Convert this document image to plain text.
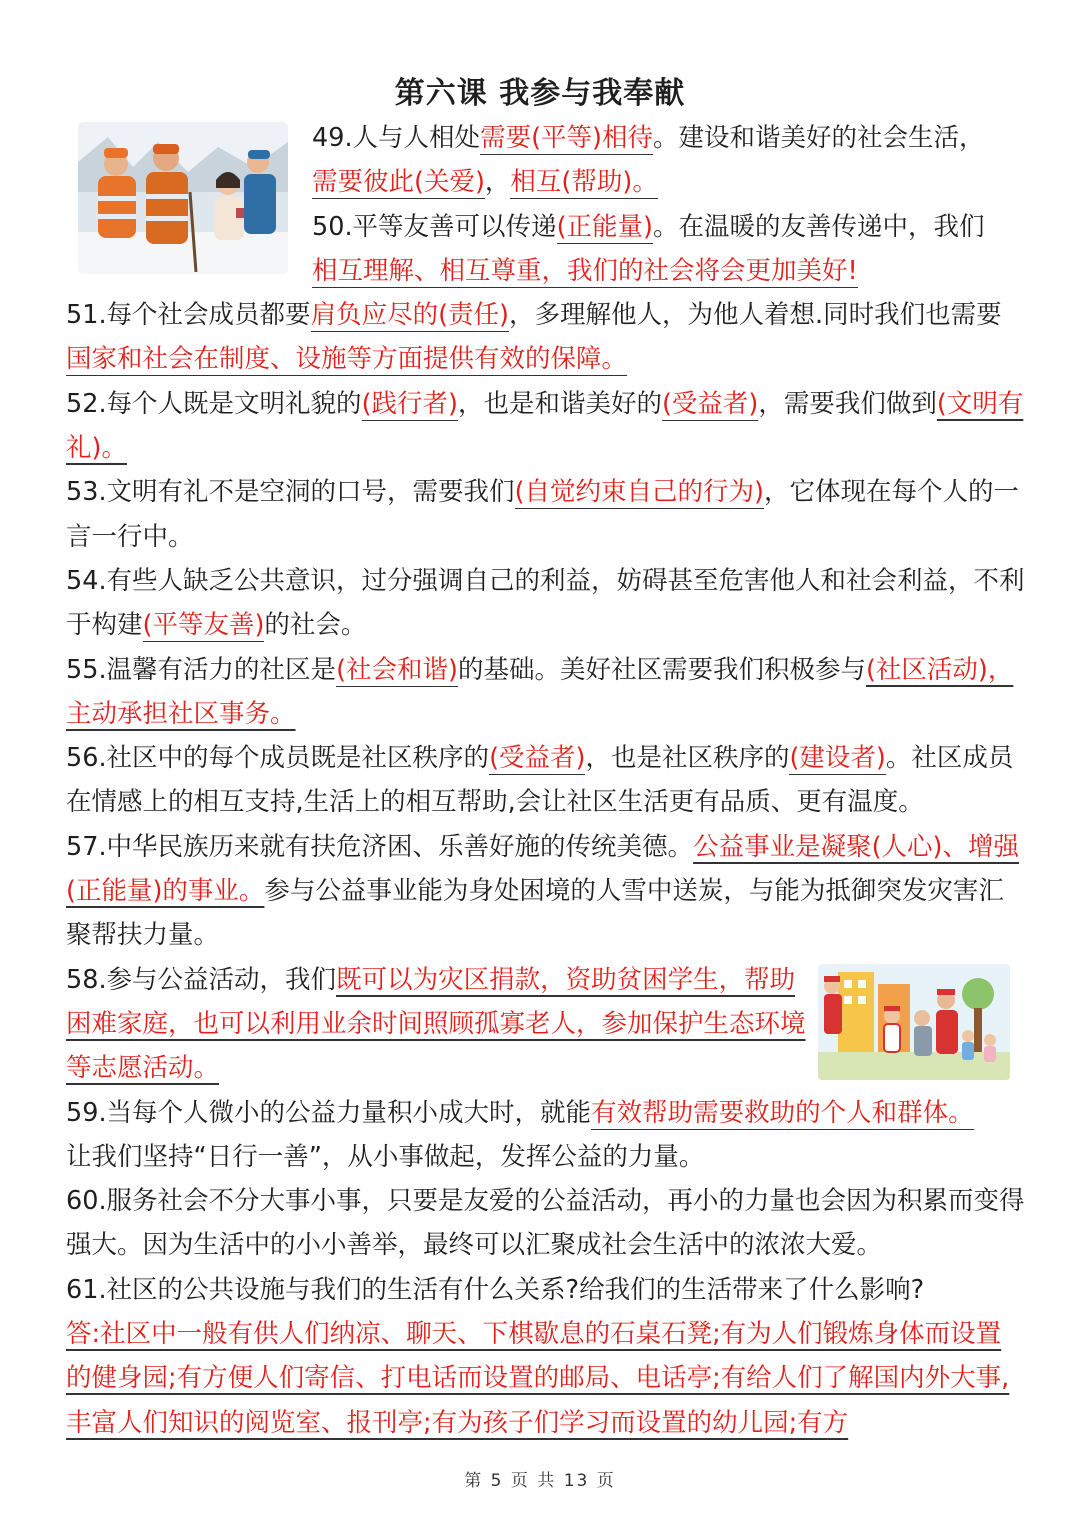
第六课 我参与我奉献

49.人与人相处需要(平等)相待。建设和谐美好的社会生活，
需要彼此(关爱)，相互(帮助)。

50.平等友善可以传递(正能量)。在温暖的友善传递中，我们
相互理解、相互尊重，我们的社会将会更加美好!

51.每个社会成员都要肩负应尽的(责任)，多理解他人，为他人着想.同时我们也需要国家和社会在制度、设施等方面提供有效的保障。

52.每个人既是文明礼貌的(践行者)，也是和谐美好的(受益者)，需要我们做到(文明有礼)。

53.文明有礼不是空洞的口号，需要我们(自觉约束自己的行为)，它体现在每个人的一言一行中。

54.有些人缺乏公共意识，过分强调自己的利益，妨碍甚至危害他人和社会利益，不利于构建(平等友善)的社会。

55.温馨有活力的社区是(社会和谐)的基础。美好社区需要我们积极参与(社区活动)，主动承担社区事务。

56.社区中的每个成员既是社区秩序的(受益者)，也是社区秩序的(建设者)。社区成员在情感上的相互支持,生活上的相互帮助,会让社区生活更有品质、更有温度。

57.中华民族历来就有扶危济困、乐善好施的传统美德。公益事业是凝聚(人心)、增强(正能量)的事业。参与公益事业能为身处困境的人雪中送炭，与能为抵御突发灾害汇聚帮扶力量。

58.参与公益活动，我们既可以为灾区捐款，资助贫困学生，帮助困难家庭，也可以利用业余时间照顾孤寡老人，参加保护生态环境等志愿活动。

59.当每个人微小的公益力量积小成大时，就能有效帮助需要救助的个人和群体。
让我们坚持“日行一善”，从小事做起，发挥公益的力量。

60.服务社会不分大事小事，只要是友爱的公益活动，再小的力量也会因为积累而变得强大。因为生活中的小小善举，最终可以汇聚成社会生活中的浓浓大爱。

61.社区的公共设施与我们的生活有什么关系?给我们的生活带来了什么影响?
答:社区中一般有供人们纳凉、聊天、下棋歇息的石桌石凳;有为人们锻炼身体而设置的健身园;有方便人们寄信、打电话而设置的邮局、电话亭;有给人们了解国内外大事,丰富人们知识的阅览室、报刊亭;有为孩子们学习而设置的幼儿园;有方

第 5 页 共 13 页
